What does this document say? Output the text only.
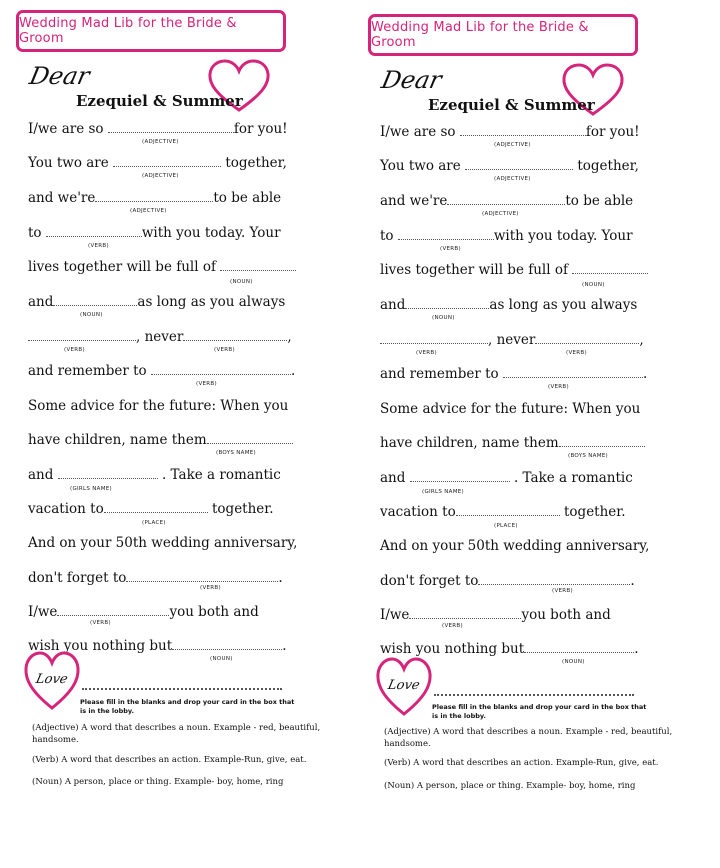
Wedding Mad Lib for the Bride & Groom
Dear
Ezequiel & Summer
I/we are so	for you!
(ADJECTIVE)
You two are	together,
(ADJECTIVE)
and we're	to be able
(ADJECTIVE)
to	with you today. Your
(VERB)
lives together will be full of
(NOUN)
and	as long as you always
(NOUN)
, never	,
(VERB)	(VERB)
and remember to	.
(VERB)
Some advice for the future: When you
have children, name them
(BOYS NAME)
and	. Take a romantic
(GIRLS NAME)
vacation to	together.
(PLACE)
And on your 50th wedding anniversary,
don't forget to	.
(VERB)
I/we	you both and
(VERB)
wish you nothing but	.
(NOUN)
Love
Please fill in the blanks and drop your card in the box that is in the lobby.
(Adjective) A word that describes a noun. Example - red, beautiful, handsome.
(Verb) A word that describes an action. Example-Run, give, eat.
(Noun) A person, place or thing. Example- boy, home, ring
Wedding Mad Lib for the Bride & Groom
Dear
Ezequiel & Summer
I/we are so	for you!
(ADJECTIVE)
You two are	together,
(ADJECTIVE)
and we're	to be able
(ADJECTIVE)
to	with you today. Your
(VERB)
lives together will be full of
(NOUN)
and	as long as you always
(NOUN)
, never	,
(VERB)	(VERB)
and remember to	.
(VERB)
Some advice for the future: When you
have children, name them
(BOYS NAME)
and	. Take a romantic
(GIRLS NAME)
vacation to	together.
(PLACE)
And on your 50th wedding anniversary,
don't forget to	.
(VERB)
I/we	you both and
(VERB)
wish you nothing but	.
(NOUN)
Love
Please fill in the blanks and drop your card in the box that is in the lobby.
(Adjective) A word that describes a noun. Example - red, beautiful, handsome.
(Verb) A word that describes an action. Example-Run, give, eat.
(Noun) A person, place or thing. Example- boy, home, ring
